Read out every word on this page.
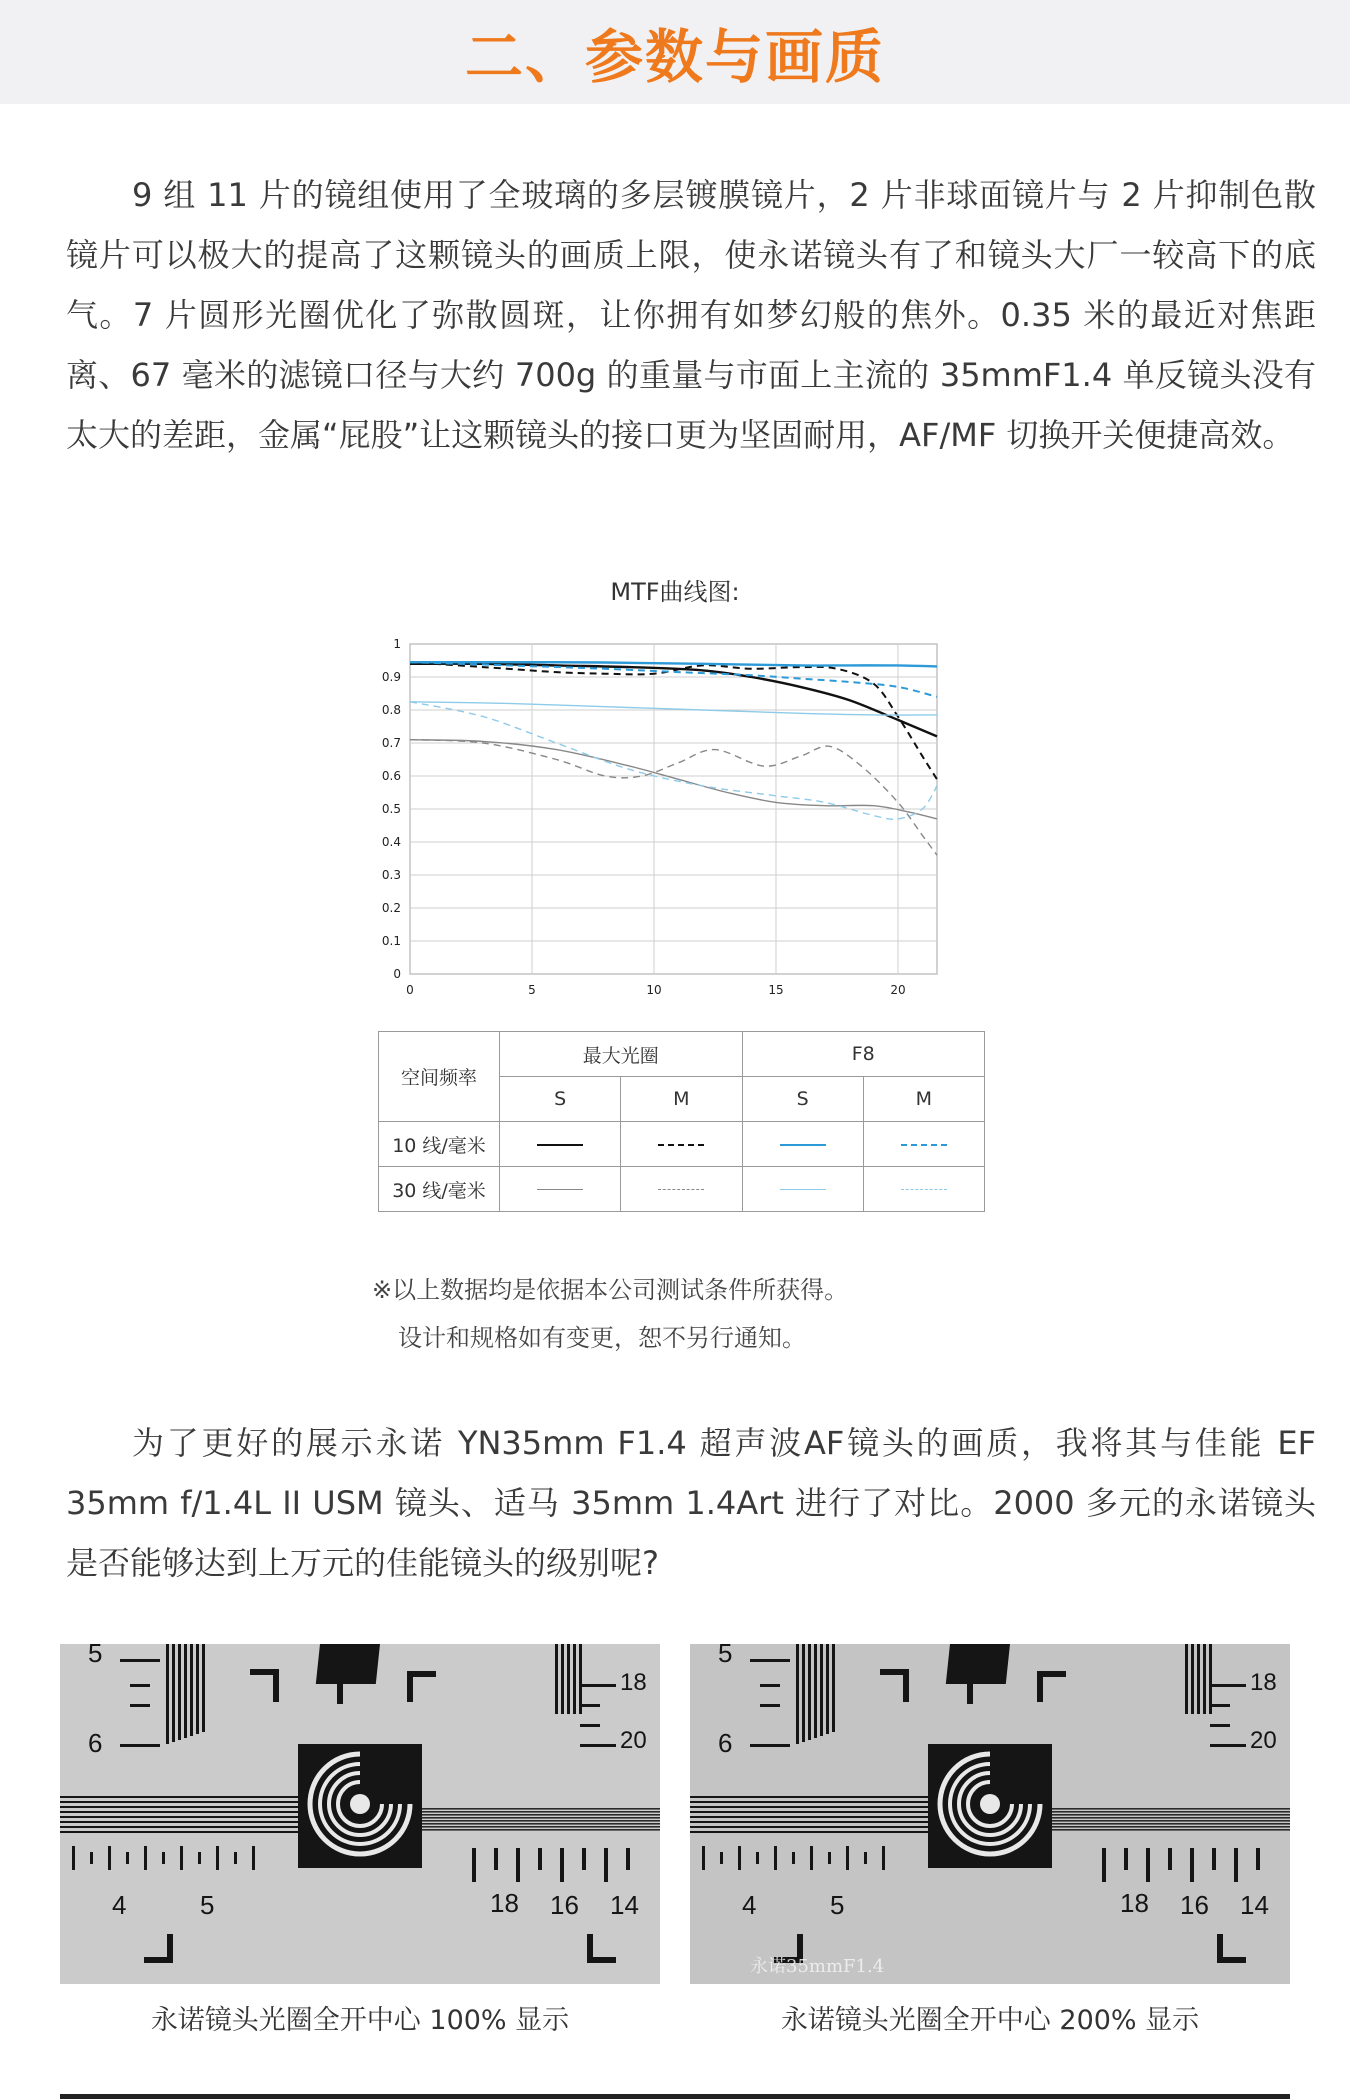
二、参数与画质

9 组 11 片的镜组使用了全玻璃的多层镀膜镜片，2 片非球面镜片与 2 片抑制色散镜片可以极大的提高了这颗镜头的画质上限，使永诺镜头有了和镜头大厂一较高下的底气。7 片圆形光圈优化了弥散圆斑，让你拥有如梦幻般的焦外。0.35 米的最近对焦距离、67 毫米的滤镜口径与大约 700g 的重量与市面上主流的 35mmF1.4 单反镜头没有太大的差距，金属“屁股”让这颗镜头的接口更为坚固耐用，AF/MF 切换开关便捷高效。

MTF曲线图:
0
0.1
0.2
0.3
0.4
0.5
0.6
0.7
0.8
0.9
1
0	5	10	15	20
空间频率	最大光圈		F8	
	S	M	S	M
10 线/毫米				
30 线/毫米				
※以上数据均是依据本公司测试条件所获得。
设计和规格如有变更，恕不另行通知。

为了更好的展示永诺 YN35mm F1.4 超声波AF镜头的画质，我将其与佳能 EF 35mm f/1.4L II USM 镜头、适马 35mm 1.4Art 进行了对比。2000 多元的永诺镜头是否能够达到上万元的佳能镜头的级别呢?

5
6
18
20
4	5	18 16 14
5
6
18
20
4	5	18 16 14
永诺35mmF1.4
永诺镜头光圈全开中心 100% 显示	永诺镜头光圈全开中心 200% 显示
